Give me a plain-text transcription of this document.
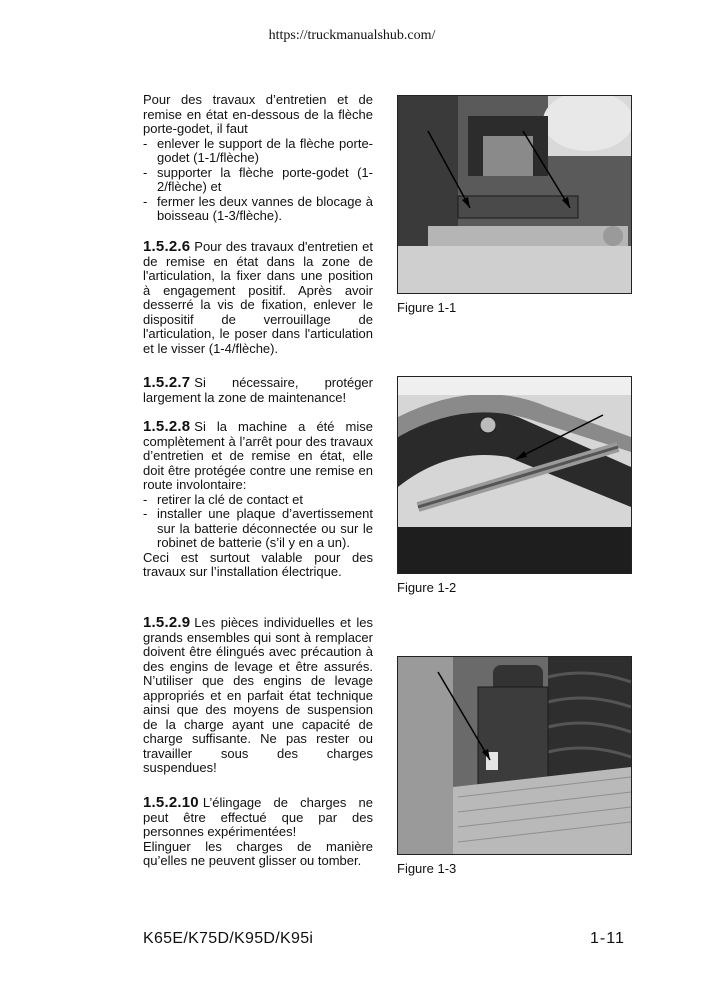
https://truckmanualshub.com/

Pour des travaux d’entretien et de remise en état en-dessous de la flèche porte-godet, il faut

- enlever le support de la flèche porte-godet (1-1/flèche)
- supporter la flèche porte-godet (1-2/flèche) et
- fermer les deux vannes de blocage à boisseau (1-3/flèche).

1.5.2.6 Pour des travaux d'entretien et de remise en état dans la zone de l'articulation, la fixer dans une position à engagement positif. Après avoir desserré la vis de fixation, enlever le dispositif de verrouillage de l'articulation, le poser dans l'articulation et le visser (1-4/flèche).

1.5.2.7 Si nécessaire, protéger largement la zone de maintenance!

1.5.2.8 Si la machine a été mise complètement à l’arrêt pour des travaux d’entretien et de remise en état, elle doit être protégée contre une remise en route involontaire:

- retirer la clé de contact et
- installer une plaque d’avertissement sur la batterie déconnectée ou sur le robinet de batterie (s’il y en a un).

Ceci est surtout valable pour des travaux sur l’installation électrique.

1.5.2.9 Les pièces individuelles et les grands ensembles qui sont à remplacer doivent être élingués avec précaution à des engins de levage et être assurés. N’utiliser que des engins de levage appropriés et en parfait état technique ainsi que des moyens de suspension de la charge ayant une capacité de charge suffisante. Ne pas rester ou travailler sous des charges suspendues!

1.5.2.10 L’élingage de charges ne peut être effectué que par des personnes expérimentées!

Elinguer les charges de manière qu’elles ne peuvent glisser ou tomber.

Figure 1-1
Figure 1-2
Figure 1-3
K65E/K75D/K95D/K95i	1-11
